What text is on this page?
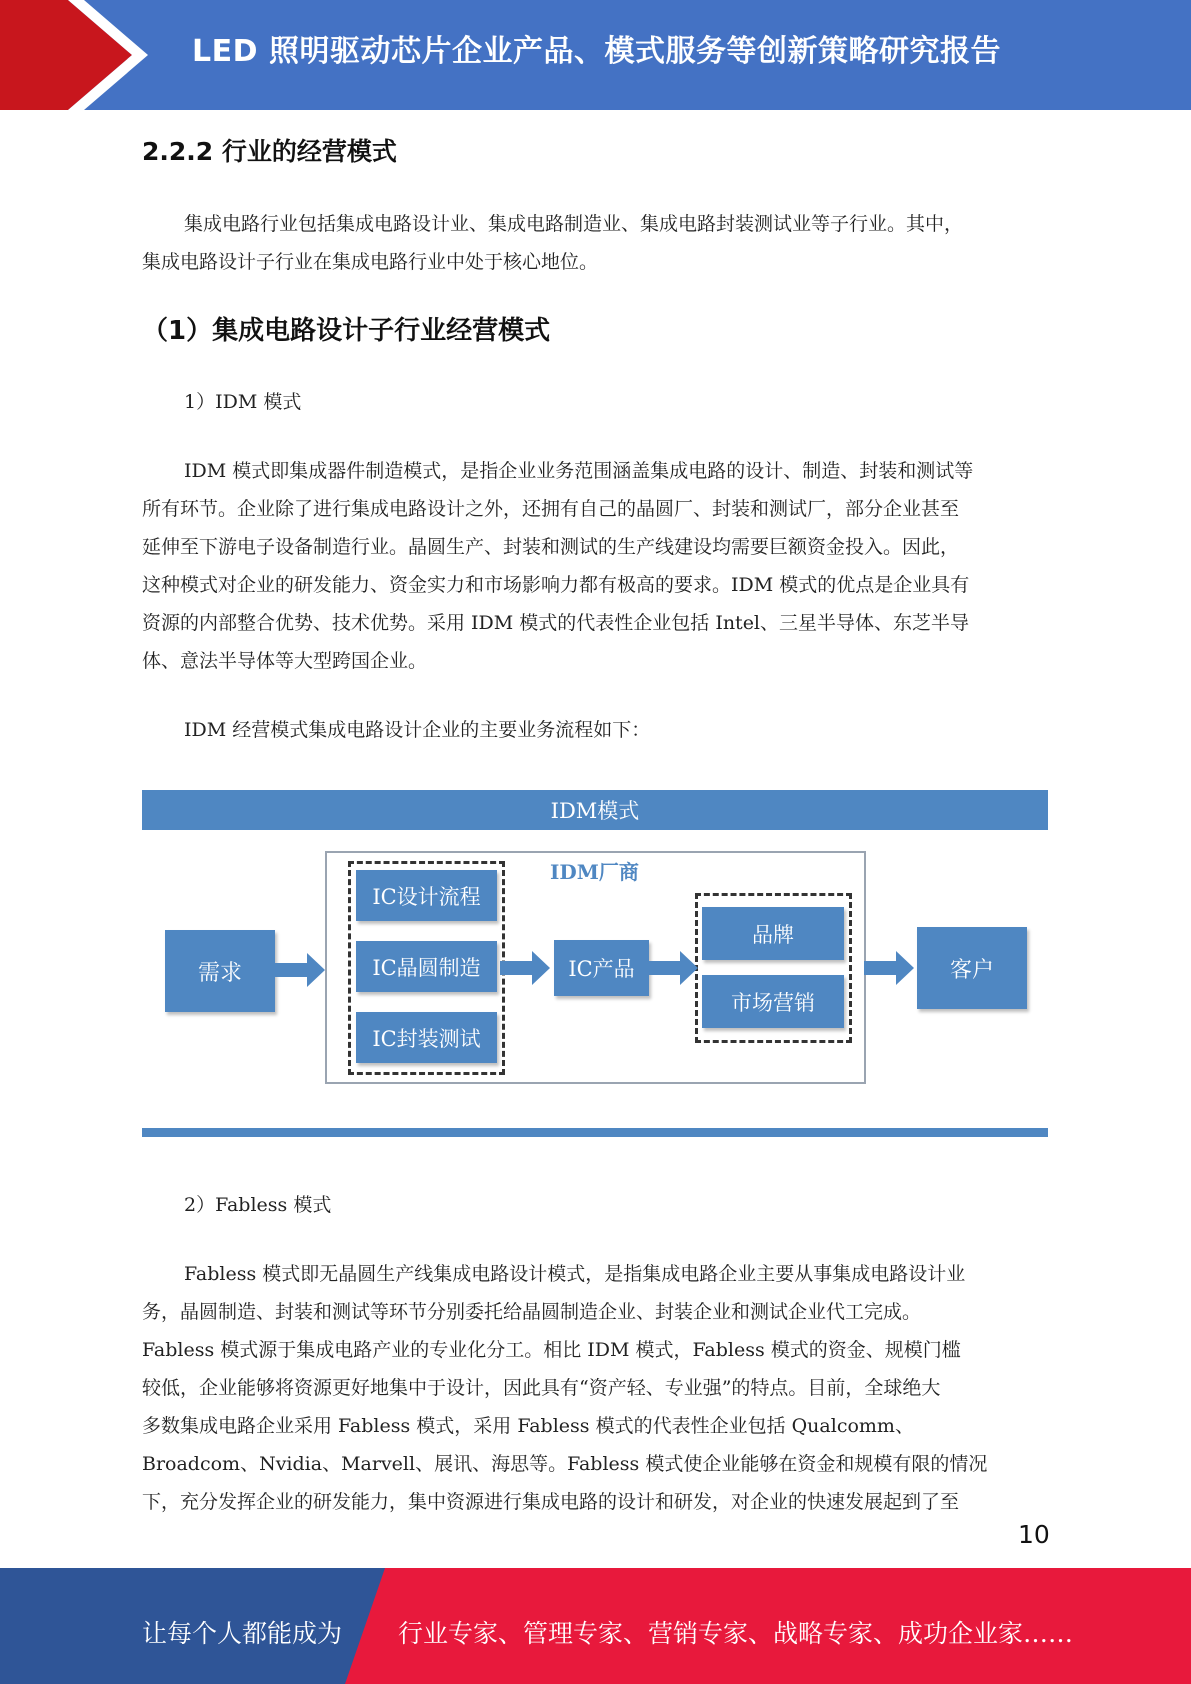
LED 照明驱动芯片企业产品、模式服务等创新策略研究报告
2.2.2 行业的经营模式
集成电路行业包括集成电路设计业、集成电路制造业、集成电路封装测试业等子行业。其中，
集成电路设计子行业在集成电路行业中处于核心地位。
（1）集成电路设计子行业经营模式
1）IDM 模式
IDM 模式即集成器件制造模式，是指企业业务范围涵盖集成电路的设计、制造、封装和测试等
所有环节。企业除了进行集成电路设计之外，还拥有自己的晶圆厂、封装和测试厂，部分企业甚至
延伸至下游电子设备制造行业。晶圆生产、封装和测试的生产线建设均需要巨额资金投入。因此，
这种模式对企业的研发能力、资金实力和市场影响力都有极高的要求。IDM 模式的优点是企业具有
资源的内部整合优势、技术优势。采用 IDM 模式的代表性企业包括 Intel、三星半导体、东芝半导
体、意法半导体等大型跨国企业。
IDM 经营模式集成电路设计企业的主要业务流程如下：
IDM模式
IDM厂商
需求
IC设计流程
IC晶圆制造
IC封装测试
IC产品
品牌
市场营销
客户
2）Fabless 模式
Fabless 模式即无晶圆生产线集成电路设计模式，是指集成电路企业主要从事集成电路设计业
务，晶圆制造、封装和测试等环节分别委托给晶圆制造企业、封装企业和测试企业代工完成。
Fabless 模式源于集成电路产业的专业化分工。相比 IDM 模式，Fabless 模式的资金、规模门槛
较低，企业能够将资源更好地集中于设计，因此具有“资产轻、专业强”的特点。目前，全球绝大
多数集成电路企业采用 Fabless 模式，采用 Fabless 模式的代表性企业包括 Qualcomm、
Broadcom、Nvidia、Marvell、展讯、海思等。Fabless 模式使企业能够在资金和规模有限的情况
下，充分发挥企业的研发能力，集中资源进行集成电路的设计和研发，对企业的快速发展起到了至
10
让每个人都能成为 行业专家、管理专家、营销专家、战略专家、成功企业家……
